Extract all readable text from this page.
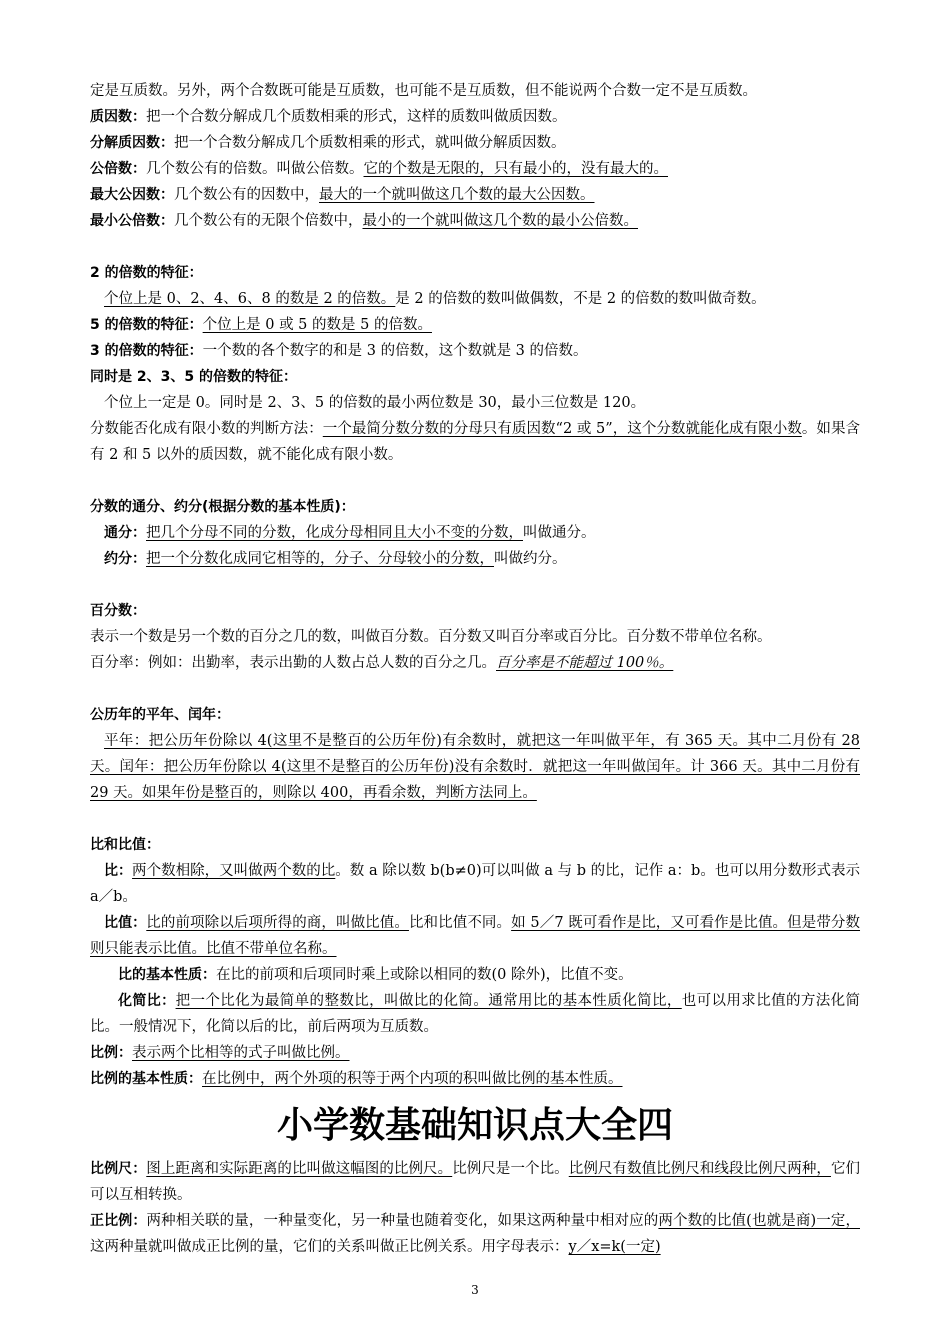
定是互质数。另外，两个合数既可能是互质数，也可能不是互质数，但不能说两个合数一定不是互质数。

质因数：把一个合数分解成几个质数相乘的形式，这样的质数叫做质因数。

分解质因数：把一个合数分解成几个质数相乘的形式，就叫做分解质因数。

公倍数：几个数公有的倍数。叫做公倍数。它的个数是无限的，只有最小的，没有最大的。

最大公因数：几个数公有的因数中，最大的一个就叫做这几个数的最大公因数。

最小公倍数：几个数公有的无限个倍数中，最小的一个就叫做这几个数的最小公倍数。

2 的倍数的特征：

个位上是 0、2、4、6、8 的数是 2 的倍数。是 2 的倍数的数叫做偶数，不是 2 的倍数的数叫做奇数。

5 的倍数的特征：个位上是 0 或 5 的数是 5 的倍数。

3 的倍数的特征：一个数的各个数字的和是 3 的倍数，这个数就是 3 的倍数。

同时是 2、3、5 的倍数的特征：

个位上一定是 0。同时是 2、3、5 的倍数的最小两位数是 30，最小三位数是 120。

分数能否化成有限小数的判断方法：一个最简分数分数的分母只有质因数“2 或 5”，这个分数就能化成有限小数。如果含有 2 和 5 以外的质因数，就不能化成有限小数。

分数的通分、约分(根据分数的基本性质)：

通分：把几个分母不同的分数，化成分母相同且大小不变的分数，叫做通分。

约分：把一个分数化成同它相等的，分子、分母较小的分数，叫做约分。

百分数：

表示一个数是另一个数的百分之几的数，叫做百分数。百分数又叫百分率或百分比。百分数不带单位名称。

百分率：例如：出勤率，表示出勤的人数占总人数的百分之几。百分率是不能超过 100％。

公历年的平年、闰年：

平年：把公历年份除以 4(这里不是整百的公历年份)有余数时，就把这一年叫做平年，有 365 天。其中二月份有 28 天。闰年：把公历年份除以 4(这里不是整百的公历年份)没有余数时．就把这一年叫做闰年。计 366 天。其中二月份有 29 天。如果年份是整百的，则除以 400，再看余数，判断方法同上。

比和比值：

比：两个数相除，又叫做两个数的比。数 a 除以数 b(b≠0)可以叫做 a 与 b 的比，记作 a：b。也可以用分数形式表示 a／b。

比值：比的前项除以后项所得的商，叫做比值。比和比值不同。如 5／7 既可看作是比，又可看作是比值。但是带分数则只能表示比值。比值不带单位名称。

比的基本性质：在比的前项和后项同时乘上或除以相同的数(0 除外)，比值不变。

化简比：把一个比化为最简单的整数比，叫做比的化简。通常用比的基本性质化简比，也可以用求比值的方法化简比。一般情况下，化简以后的比，前后两项为互质数。

比例：表示两个比相等的式子叫做比例。

比例的基本性质：在比例中，两个外项的积等于两个内项的积叫做比例的基本性质。

小学数基础知识点大全四

比例尺：图上距离和实际距离的比叫做这幅图的比例尺。比例尺是一个比。比例尺有数值比例尺和线段比例尺两种，它们可以互相转换。

正比例：两种相关联的量，一种量变化，另一种量也随着变化，如果这两种量中相对应的两个数的比值(也就是商)一定，这两种量就叫做成正比例的量，它们的关系叫做正比例关系。用字母表示：y／x=k(一定)

3
